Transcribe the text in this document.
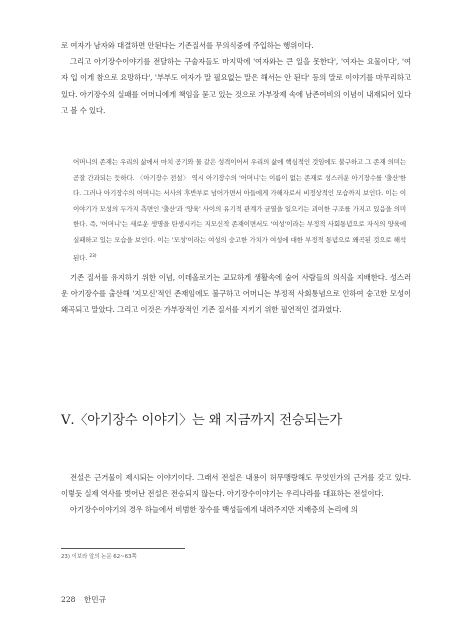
로 여자가 남자와 대결하면 안된다는 기존질서를 무의식중에 주입하는 행위이다.

그리고 아기장수이야기를 전달하는 구술자들도 마지막에 '여자와는 큰 일을 못한다', '여자는 요물이다', '여자 입 이게 참으로 요망하다', '부부도 여자가 말 필요없는 말은 해서는 안 된다' 등의 말로 이야기를 마무리하고 있다. 아기장수의 실패를 어머니에게 책임을 묻고 있는 것으로 가부장제 속에 남존여비의 이념이 내재되어 있다고 볼 수 있다.

어머니의 존재는 우리의 삶에서 마치 공기와 물 같은 성격이어서 우리의 삶에 핵심적인 것임에도 불구하고 그 존재 의미는 곧잘 간과되는 듯하다. 〈아기장수 전설〉 역시 아기장수의 '어머니'는 이름이 없는 존재로 성스러운 아기장수를 '출산'한다. 그러나 아기장수의 어머니는 서사의 후반부로 넘어가면서 아들에게 가해자로서 비정상적인 모습까지 보인다. 이는 이 이야기가 모성의 두가지 측면인 '출산'과 '양육' 사이의 유기적 관계가 균열을 일으키는 괴이한 구조를 가지고 있음을 의미한다. 즉, '어머니'는 새로운 생명을 탄생시키는 지모신적 존재이면서도 '여성'이라는 부정적 사회통념으로 자식의 양육에 실패하고 있는 모습을 보인다. 이는 '모성'이라는 여성의 숭고한 가치가 여성에 대한 부정적 통념으로 왜곡된 것으로 해석된다. $^{23)}$

기존 질서를 유지하기 위한 이념, 이데올로기는 교묘하게 생활속에 숨어 사람들의 의식을 지배한다. 성스러운 아기장수를 출산해 '지모신'적인 존재임에도 불구하고 어머니는 부정적 사회통념으로 인하여 숭고한 모성이 왜곡되고 말았다. 그리고 이것은 가부장적인 기존 질서를 지키기 위한 필연적인 결과였다.

Ⅴ.〈아기장수 이야기〉는 왜 지금까지 전승되는가

전설은 근거물이 제시되는 이야기이다. 그래서 전설은 내용이 허무맹랑해도 무엇인가의 근거를 갖고 있다. 이렇듯 실제 역사를 벗어난 전설은 전승되지 않는다. 아기장수이야기는 우리나라를 대표하는 전설이다.

아기장수이야기의 경우 하늘에서 비범한 장수를 백성들에게 내려주지만 지배층의 논리에 의

23) 이보라 앞의 논문 62~63쪽
228 한민규
